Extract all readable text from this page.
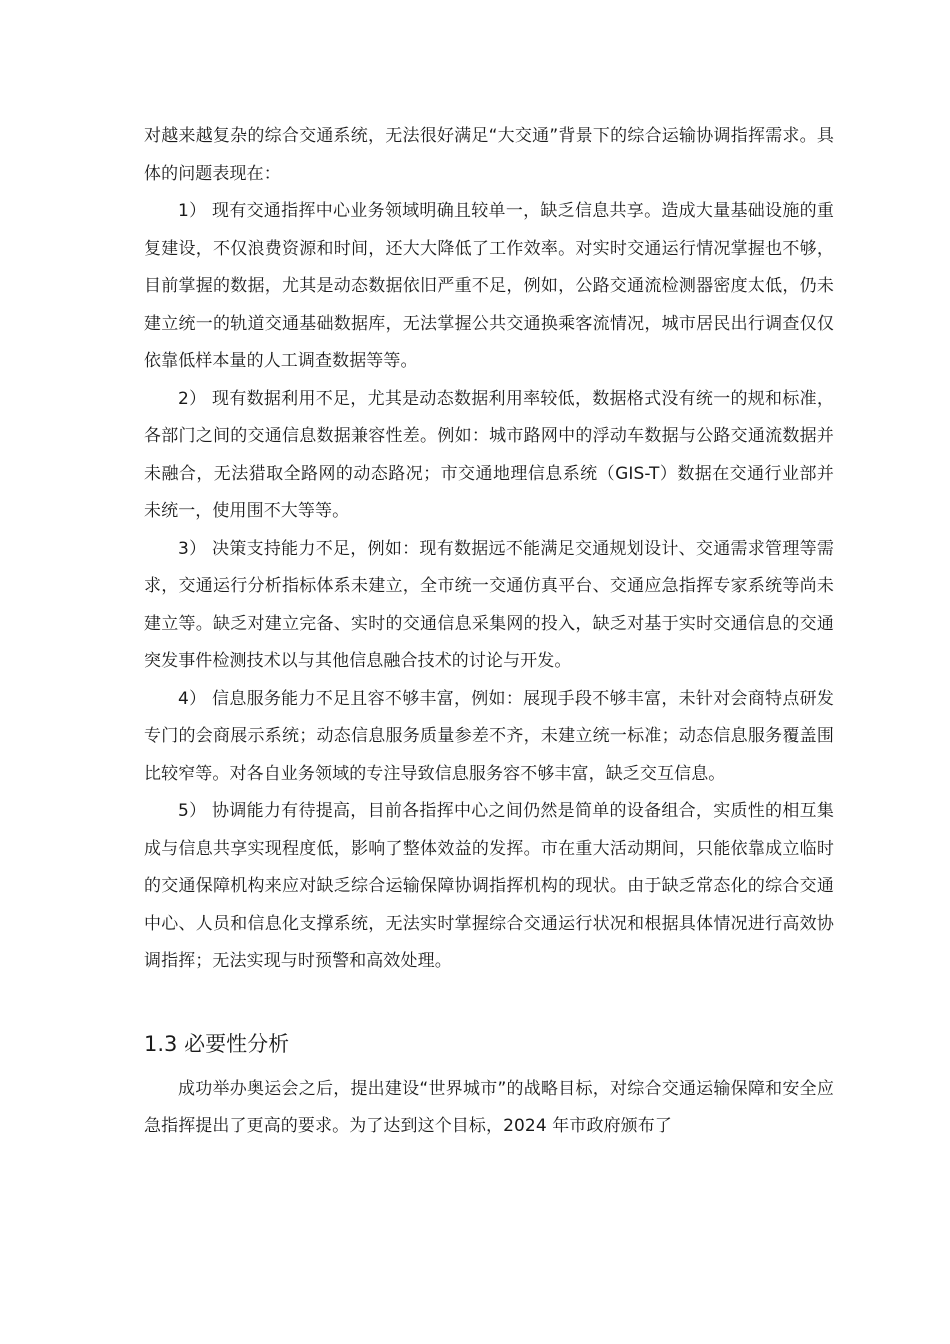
对越来越复杂的综合交通系统，无法很好满足“大交通”背景下的综合运输协调指挥需求。具体的问题表现在：

1） 现有交通指挥中心业务领域明确且较单一，缺乏信息共享。造成大量基础设施的重复建设，不仅浪费资源和时间，还大大降低了工作效率。对实时交通运行情况掌握也不够，目前掌握的数据，尤其是动态数据依旧严重不足，例如，公路交通流检测器密度太低，仍未建立统一的轨道交通基础数据库，无法掌握公共交通换乘客流情况，城市居民出行调查仅仅依靠低样本量的人工调查数据等等。

2） 现有数据利用不足，尤其是动态数据利用率较低，数据格式没有统一的规和标准，各部门之间的交通信息数据兼容性差。例如：城市路网中的浮动车数据与公路交通流数据并未融合，无法猎取全路网的动态路况；市交通地理信息系统（GIS-T）数据在交通行业部并未统一，使用围不大等等。

3） 决策支持能力不足，例如：现有数据远不能满足交通规划设计、交通需求管理等需求，交通运行分析指标体系未建立，全市统一交通仿真平台、交通应急指挥专家系统等尚未建立等。缺乏对建立完备、实时的交通信息采集网的投入，缺乏对基于实时交通信息的交通突发事件检测技术以与其他信息融合技术的讨论与开发。

4） 信息服务能力不足且容不够丰富，例如：展现手段不够丰富，未针对会商特点研发专门的会商展示系统；动态信息服务质量参差不齐，未建立统一标准；动态信息服务覆盖围比较窄等。对各自业务领域的专注导致信息服务容不够丰富，缺乏交互信息。

5） 协调能力有待提高，目前各指挥中心之间仍然是简单的设备组合，实质性的相互集成与信息共享实现程度低，影响了整体效益的发挥。市在重大活动期间，只能依靠成立临时的交通保障机构来应对缺乏综合运输保障协调指挥机构的现状。由于缺乏常态化的综合交通中心、人员和信息化支撑系统，无法实时掌握综合交通运行状况和根据具体情况进行高效协调指挥；无法实现与时预警和高效处理。

1.3 必要性分析

成功举办奥运会之后，提出建设“世界城市”的战略目标，对综合交通运输保障和安全应急指挥提出了更高的要求。为了达到这个目标，2024 年市政府颁布了
